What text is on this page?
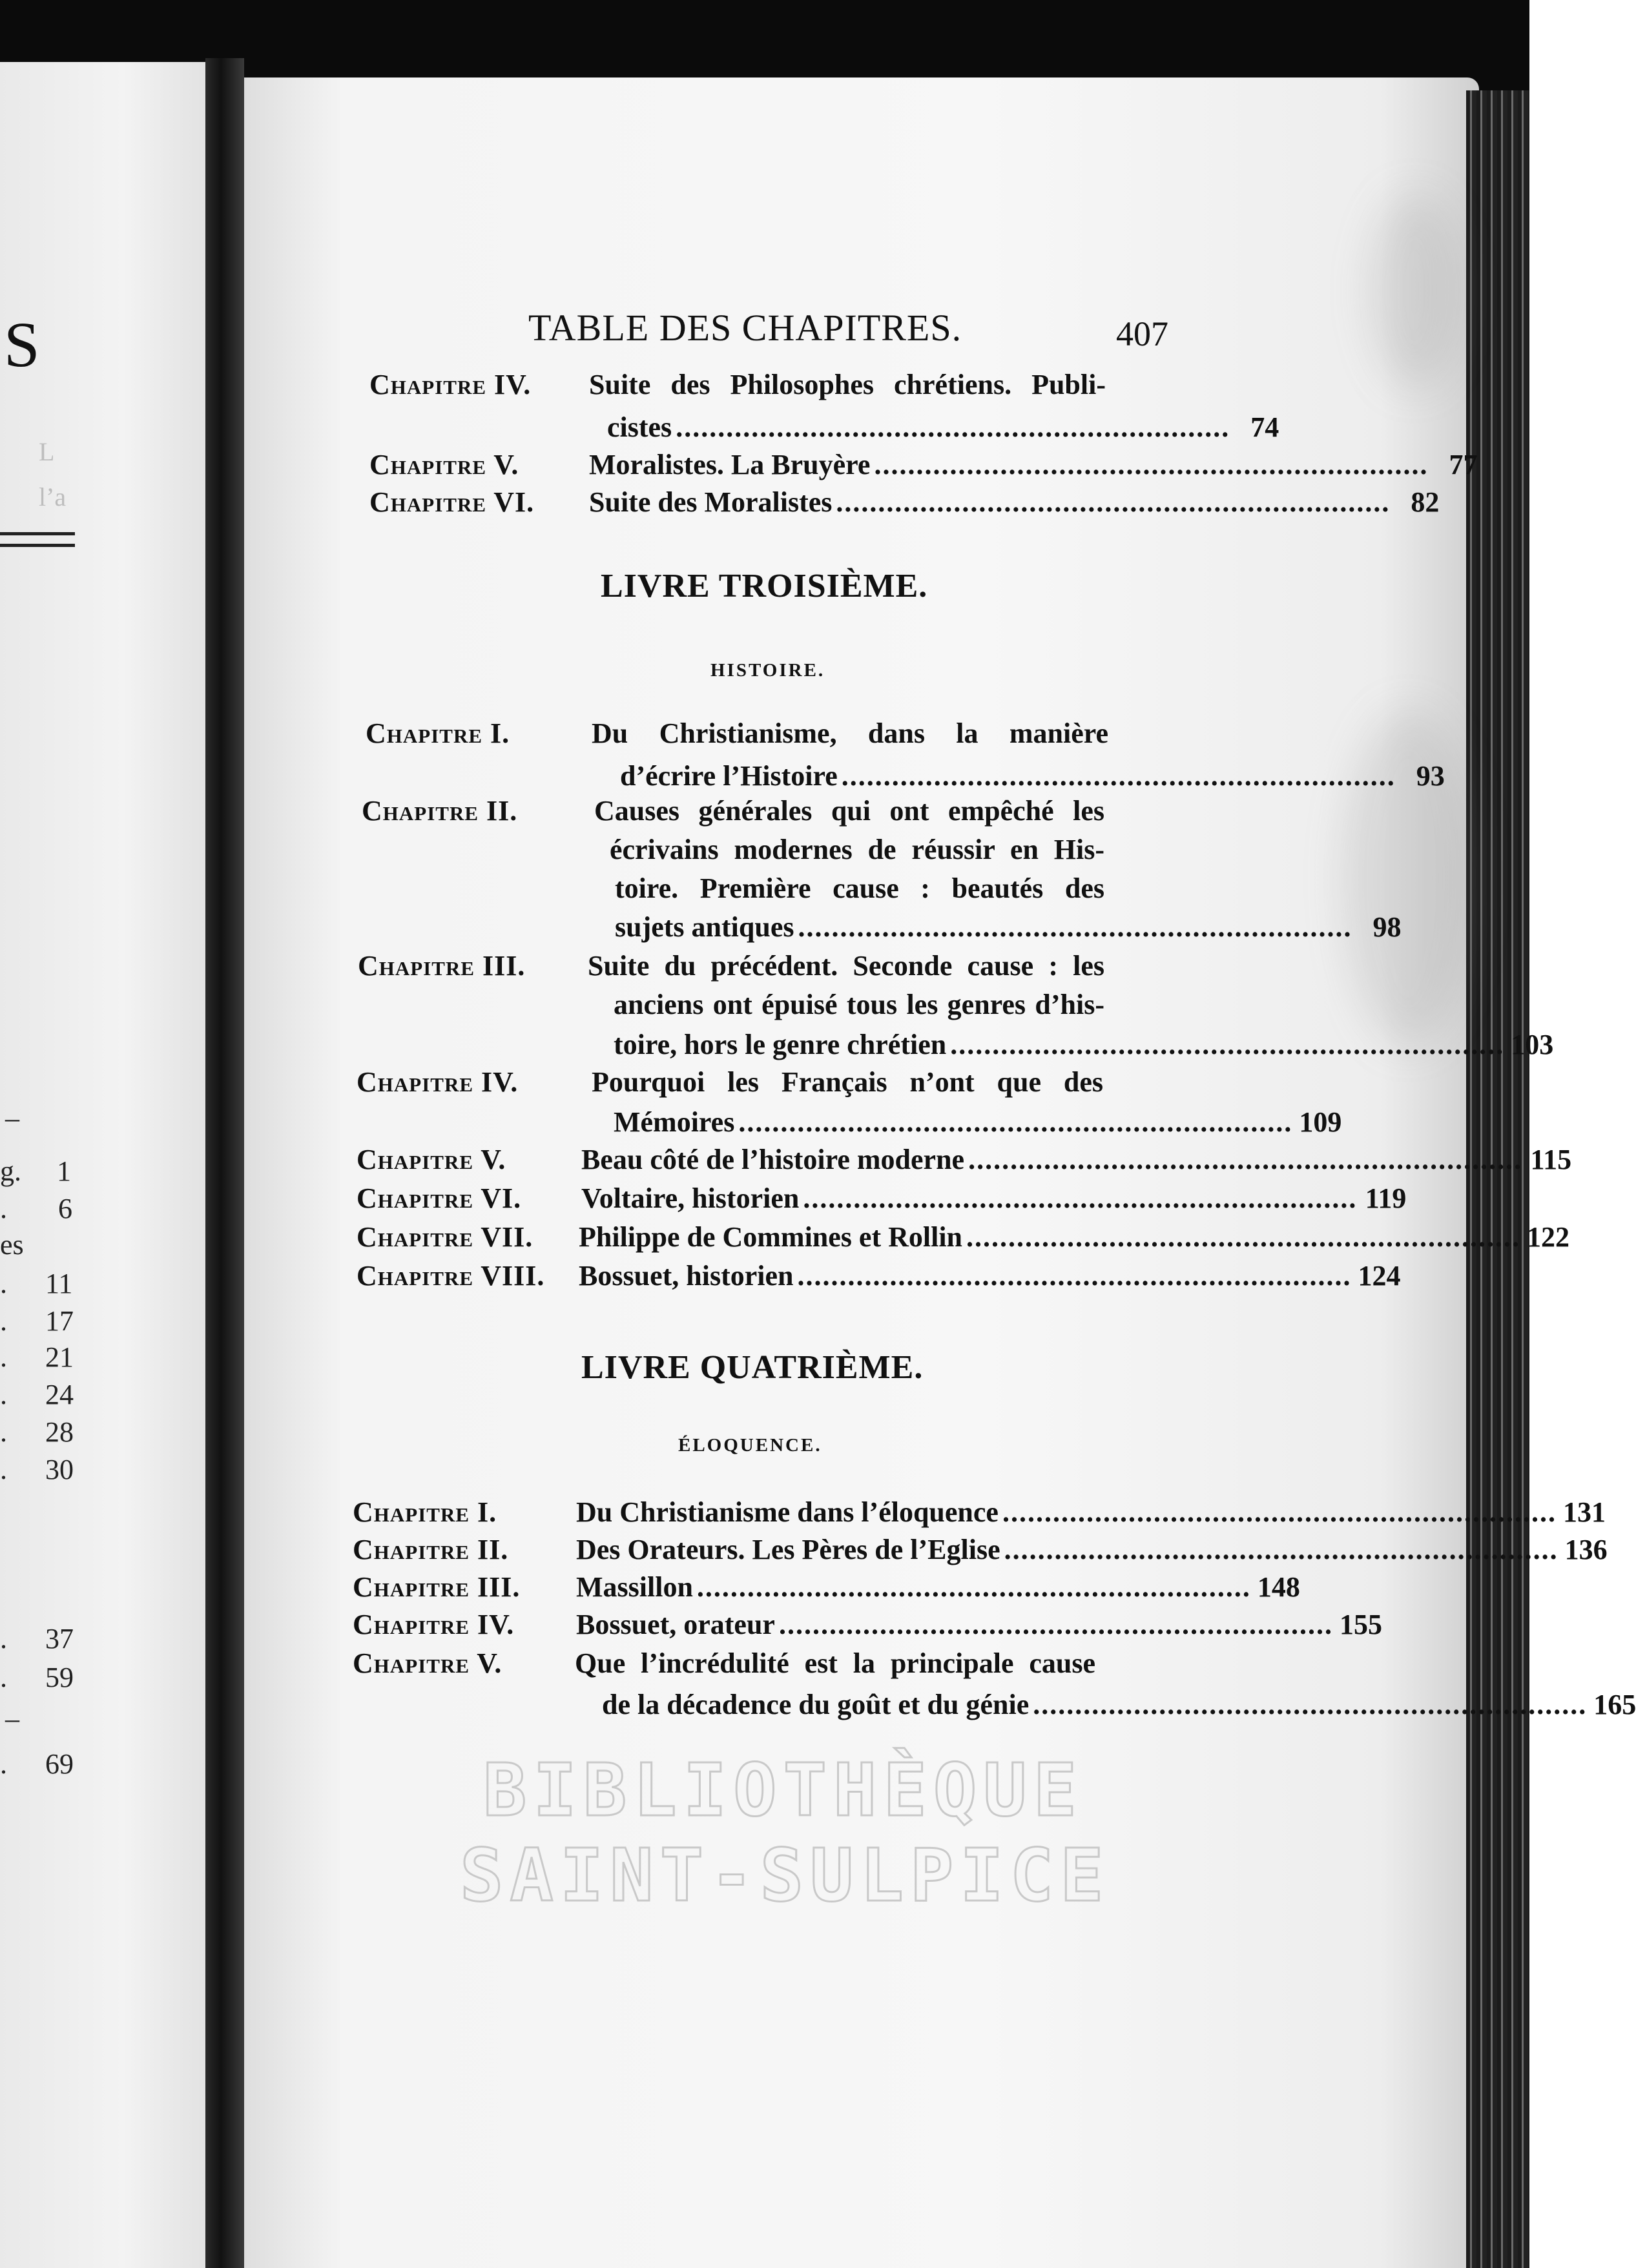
S
L
l’a
–
g. 1
. 6
es
. 11
. 17
. 21
. 24
. 28
. 30
. 37
. 59
–
. 69
TABLE DES CHAPITRES.	407
Chapitre IV. Suite des Philosophes chrétiens. Publi-
cistes .................................................................. 74
Chapitre V. Moralistes. La Bruyère .................................................................. 77
Chapitre VI. Suite des Moralistes .................................................................. 82
LIVRE TROISIÈME.
HISTOIRE.
Chapitre I.	Du Christianisme, dans la manière
d’écrire l’Histoire .................................................................. 93
Chapitre II.	Causes générales qui ont empêché les
écrivains modernes de réussir en His-
toire. Première cause : beautés des
sujets antiques .................................................................. 98
Chapitre III. Suite du précédent. Seconde cause : les
anciens ont épuisé tous les genres d’his-
toire, hors le genre chrétien .................................................................. 103
Chapitre IV.	Pourquoi les Français n’ont que des
Mémoires .................................................................. 109
Chapitre V.	Beau côté de l’histoire moderne .................................................................. 115
Chapitre VI. Voltaire, historien .................................................................. 119
Chapitre VII. Philippe de Commines et Rollin .................................................................. 122
Chapitre VIII. Bossuet, historien .................................................................. 124
LIVRE QUATRIÈME.
ÉLOQUENCE.
Chapitre I.	Du Christianisme dans l’éloquence .................................................................. 131
Chapitre II. Des Orateurs. Les Pères de l’Eglise .................................................................. 136
Chapitre III. Massillon .................................................................. 148
Chapitre IV. Bossuet, orateur .................................................................. 155
Chapitre V.	Que l’incrédulité est la principale cause
de la décadence du goût et du génie .................................................................. 165
BIBLIOTHÈQUE
SAINT-SULPICE
